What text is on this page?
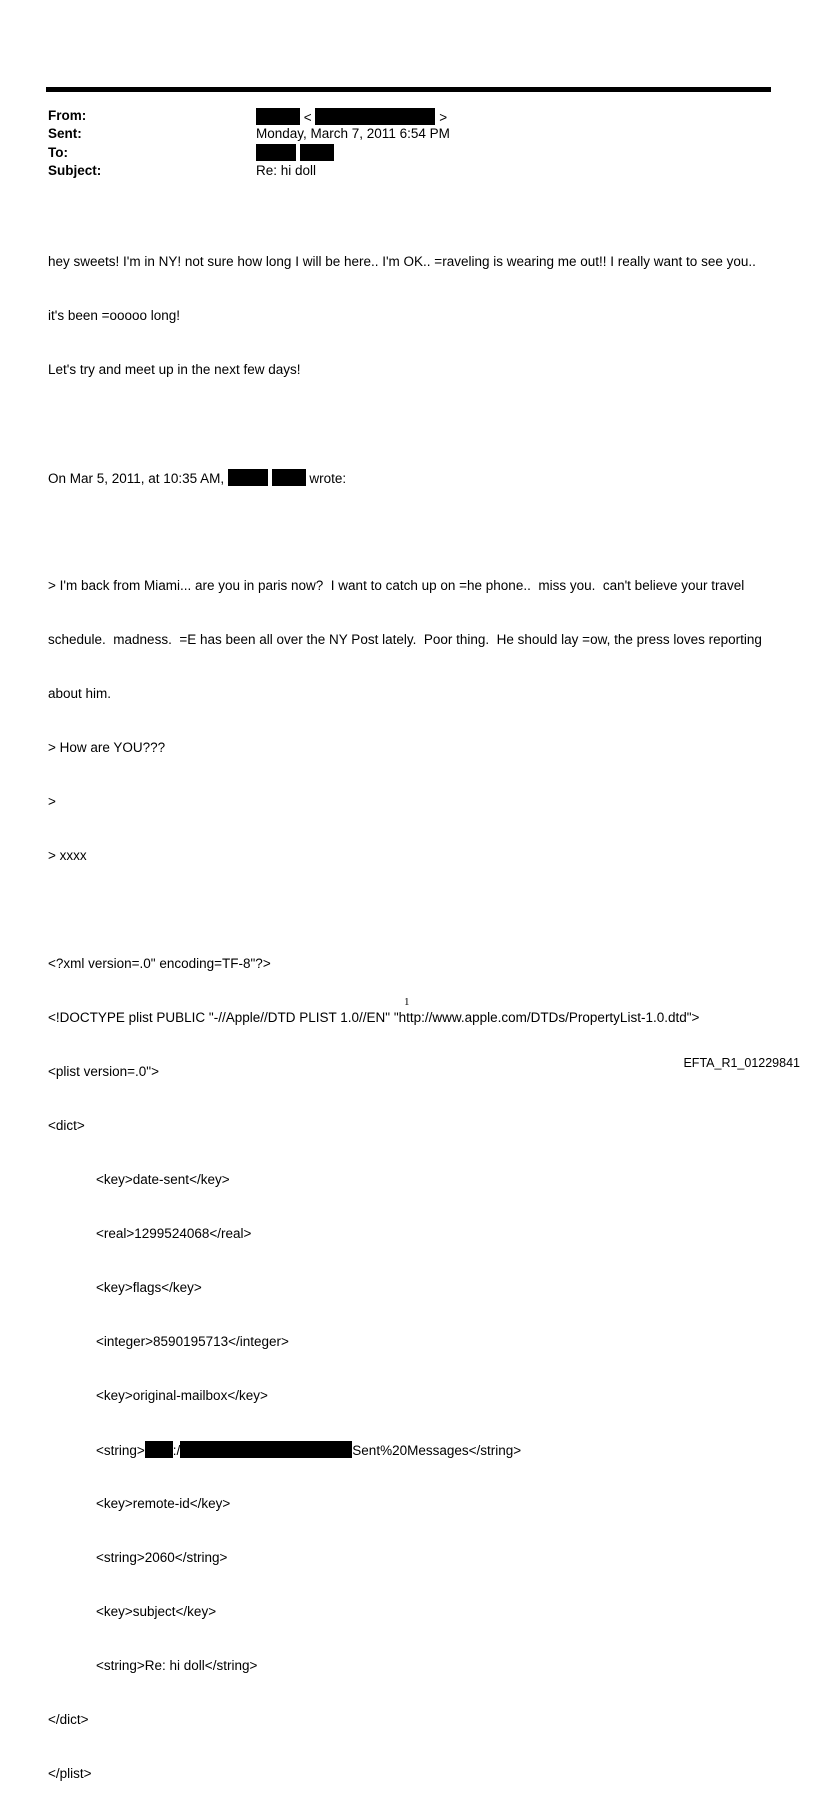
From:	<	>
Sent:	Monday, March 7, 2011 6:54 PM
To:

Subject:	Re: hi doll

hey sweets! I'm in NY! not sure how long I will be here.. I'm OK.. =raveling is wearing me out!! I really want to see you..

it's been =ooooo long!

Let's try and meet up in the next few days!

On Mar 5, 2011, at 10:35 AM,	wrote:

> I'm back from Miami... are you in paris now?  I want to catch up on =he phone..  miss you.  can't believe your travel

schedule.  madness.  =E has been all over the NY Post lately.  Poor thing.  He should lay =ow, the press loves reporting

about him.

> How are YOU???

>

> xxxx

<?xml version=.0" encoding=TF-8"?>

<!DOCTYPE plist PUBLIC "-//Apple//DTD PLIST 1.0//EN" "http://www.apple.com/DTDs/PropertyList-1.0.dtd">

<plist version=.0">

<dict>

<key>date-sent</key>

<real>1299524068</real>

<key>flags</key>

<integer>8590195713</integer>

<key>original-mailbox</key>

<string> :/	Sent%20Messages</string>

<key>remote-id</key>

<string>2060</string>

<key>subject</key>

<string>Re: hi doll</string>

</dict>

</plist>

1
EFTA_R1_01229841
